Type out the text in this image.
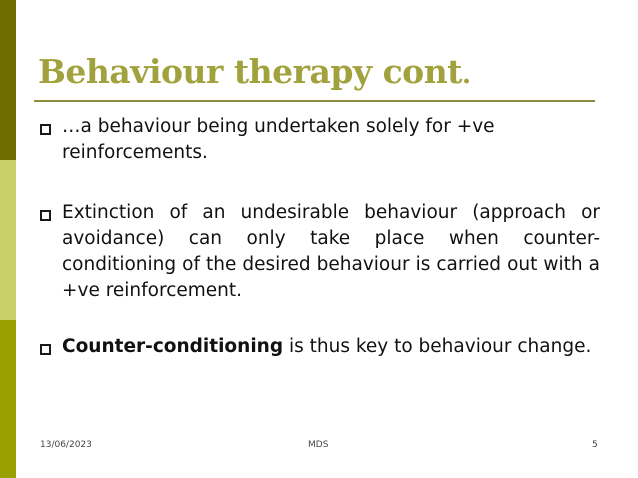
Behaviour therapy cont.
…a behaviour being undertaken solely for +ve reinforcements.
Extinction of an undesirable behaviour (approach or avoidance) can only take place when counter-conditioning of the desired behaviour is carried out with a +ve reinforcement.
Counter-conditioning is thus key to behaviour change.
13/06/2023	MDS	5
